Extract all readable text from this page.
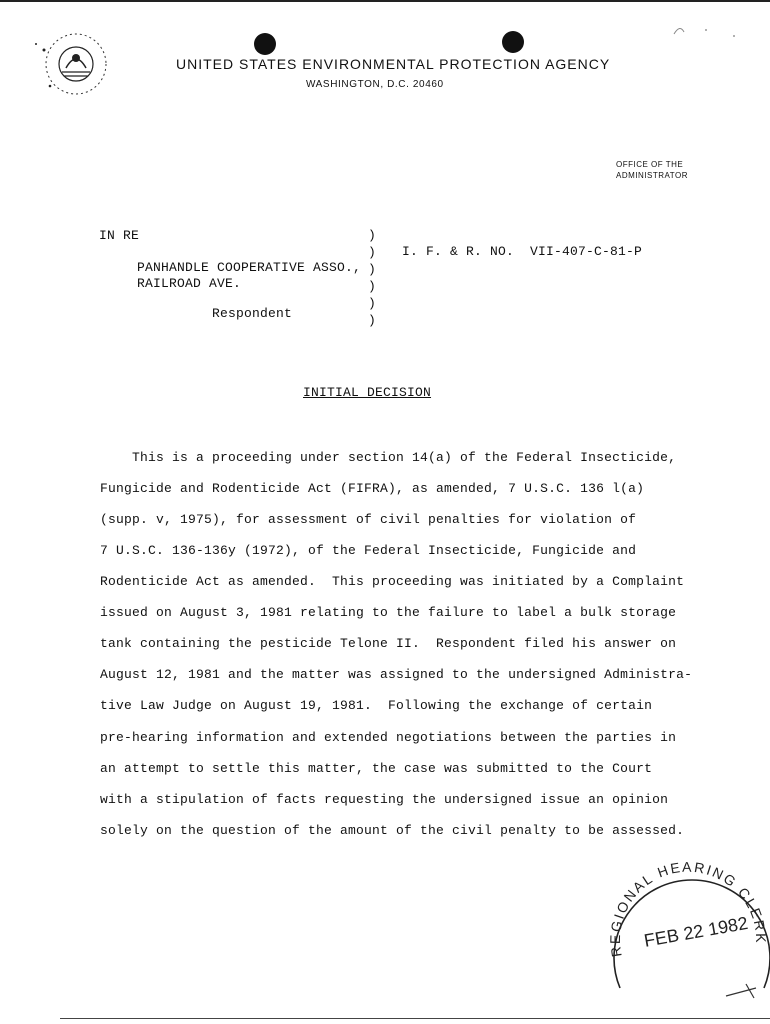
UNITED STATES ENVIRONMENTAL PROTECTION AGENCY
WASHINGTON, D.C. 20460
OFFICE OF THE
ADMINISTRATOR
IN RE
PANHANDLE COOPERATIVE ASSO.,
RAILROAD AVE.
Respondent
)
)
)
)
)
)
I. F. & R. NO.  VII-407-C-81-P
INITIAL DECISION
This is a proceeding under section 14(a) of the Federal Insecticide,
Fungicide and Rodenticide Act (FIFRA), as amended, 7 U.S.C. 136 l(a)
(supp. v, 1975), for assessment of civil penalties for violation of
7 U.S.C. 136-136y (1972), of the Federal Insecticide, Fungicide and
Rodenticide Act as amended.  This proceeding was initiated by a Complaint
issued on August 3, 1981 relating to the failure to label a bulk storage
tank containing the pesticide Telone II.  Respondent filed his answer on
August 12, 1981 and the matter was assigned to the undersigned Administra-
tive Law Judge on August 19, 1981.  Following the exchange of certain
pre-hearing information and extended negotiations between the parties in
an attempt to settle this matter, the case was submitted to the Court
with a stipulation of facts requesting the undersigned issue an opinion
solely on the question of the amount of the civil penalty to be assessed.
REGIONAL HEARING CLERK
FEB 22 1982
